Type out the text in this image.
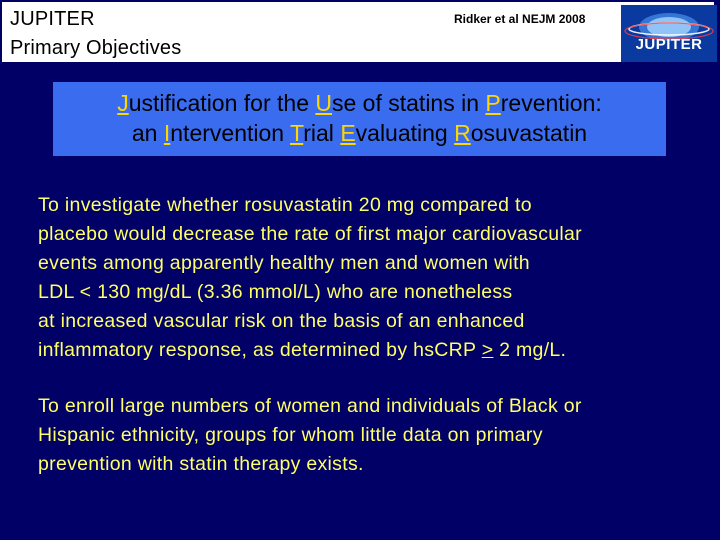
JUPITER
Primary Objectives
Ridker et al NEJM 2008
JUPITER
Justification for the Use of statins in Prevention:
an Intervention Trial Evaluating Rosuvastatin
To investigate whether rosuvastatin 20 mg compared to
placebo would decrease the rate of first major cardiovascular
events among apparently healthy men and women with
LDL < 130 mg/dL (3.36 mmol/L) who are nonetheless
at increased vascular risk on the basis of an enhanced
inflammatory response, as determined by hsCRP ≥ 2 mg/L.
To enroll large numbers of women and individuals of Black or
Hispanic ethnicity, groups for whom little data on primary
prevention with statin therapy exists.
